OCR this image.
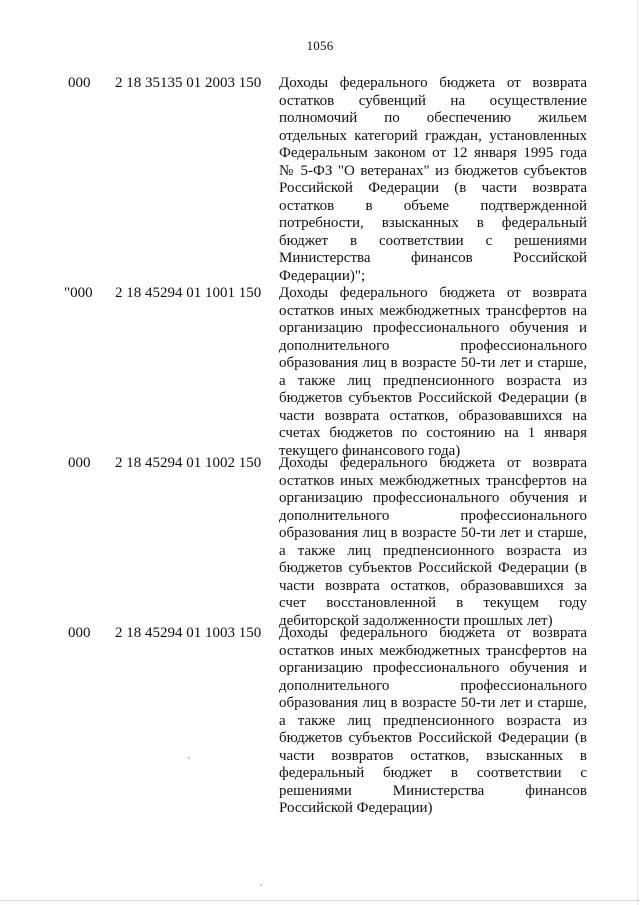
1056
000 2 18 35135 01 2003 150 Доходы федерального бюджета от возврата
остатков субвенций на осуществление
полномочий по обеспечению жильем
отдельных категорий граждан, установленных
Федеральным законом от 12 января 1995 года
№ 5-ФЗ "О ветеранах" из бюджетов субъектов
Российской Федерации (в части возврата
остатков в объеме подтвержденной
потребности, взысканных в федеральный
бюджет в соответствии с решениями
Министерства финансов Российской
Федерации)";
"000 2 18 45294 01 1001 150 Доходы федерального бюджета от возврата
остатков иных межбюджетных трансфертов на
организацию профессионального обучения и
дополнительного профессионального
образования лиц в возрасте 50-ти лет и старше,
а также лиц предпенсионного возраста из
бюджетов субъектов Российской Федерации (в
части возврата остатков, образовавшихся на
счетах бюджетов по состоянию на 1 января
текущего финансового года)
000 2 18 45294 01 1002 150 Доходы федерального бюджета от возврата
остатков иных межбюджетных трансфертов на
организацию профессионального обучения и
дополнительного профессионального
образования лиц в возрасте 50-ти лет и старше,
а также лиц предпенсионного возраста из
бюджетов субъектов Российской Федерации (в
части возврата остатков, образовавшихся за
счет восстановленной в текущем году
дебиторской задолженности прошлых лет)
000 2 18 45294 01 1003 150 Доходы федерального бюджета от возврата
остатков иных межбюджетных трансфертов на
организацию профессионального обучения и
дополнительного профессионального
образования лиц в возрасте 50-ти лет и старше,
а также лиц предпенсионного возраста из
бюджетов субъектов Российской Федерации (в
части возвратов остатков, взысканных в
федеральный бюджет в соответствии с
решениями Министерства финансов
Российской Федерации)
